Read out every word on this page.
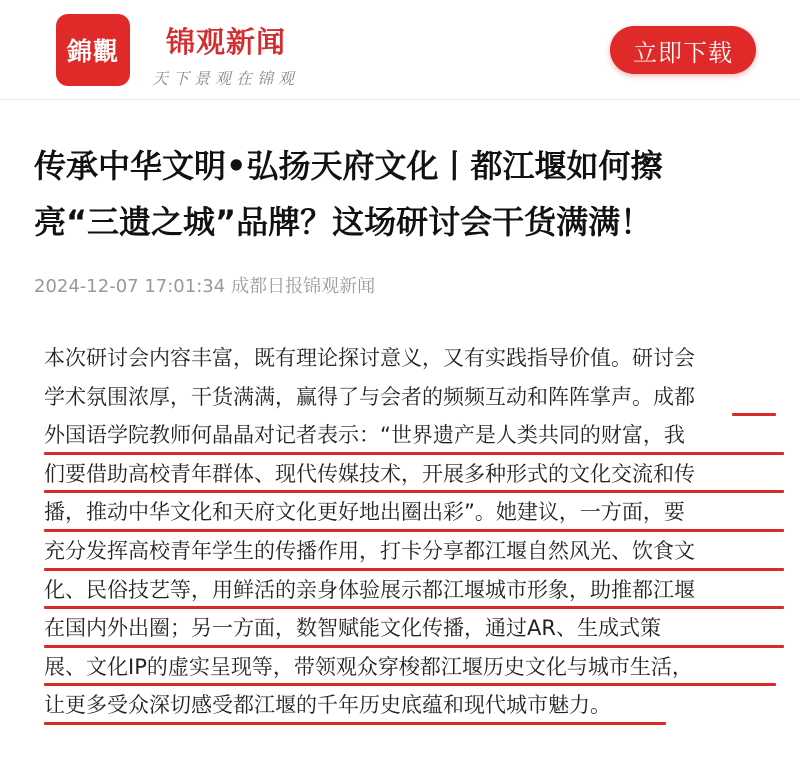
錦觀 锦观新闻
天下景观在锦观
立即下载
传承中华文明•弘扬天府文化丨都江堰如何擦
亮“三遗之城”品牌？这场研讨会干货满满！
2024-12-07 17:01:34 成都日报锦观新闻
本次研讨会内容丰富，既有理论探讨意义，又有实践指导价值。研讨会
学术氛围浓厚，干货满满，赢得了与会者的频频互动和阵阵掌声。成都
外国语学院教师何晶晶对记者表示：“世界遗产是人类共同的财富，我
们要借助高校青年群体、现代传媒技术，开展多种形式的文化交流和传
播，推动中华文化和天府文化更好地出圈出彩”。她建议，一方面，要
充分发挥高校青年学生的传播作用，打卡分享都江堰自然风光、饮食文
化、民俗技艺等，用鲜活的亲身体验展示都江堰城市形象，助推都江堰
在国内外出圈；另一方面，数智赋能文化传播，通过AR、生成式策
展、文化IP的虚实呈现等，带领观众穿梭都江堰历史文化与城市生活，
让更多受众深切感受都江堰的千年历史底蕴和现代城市魅力。
